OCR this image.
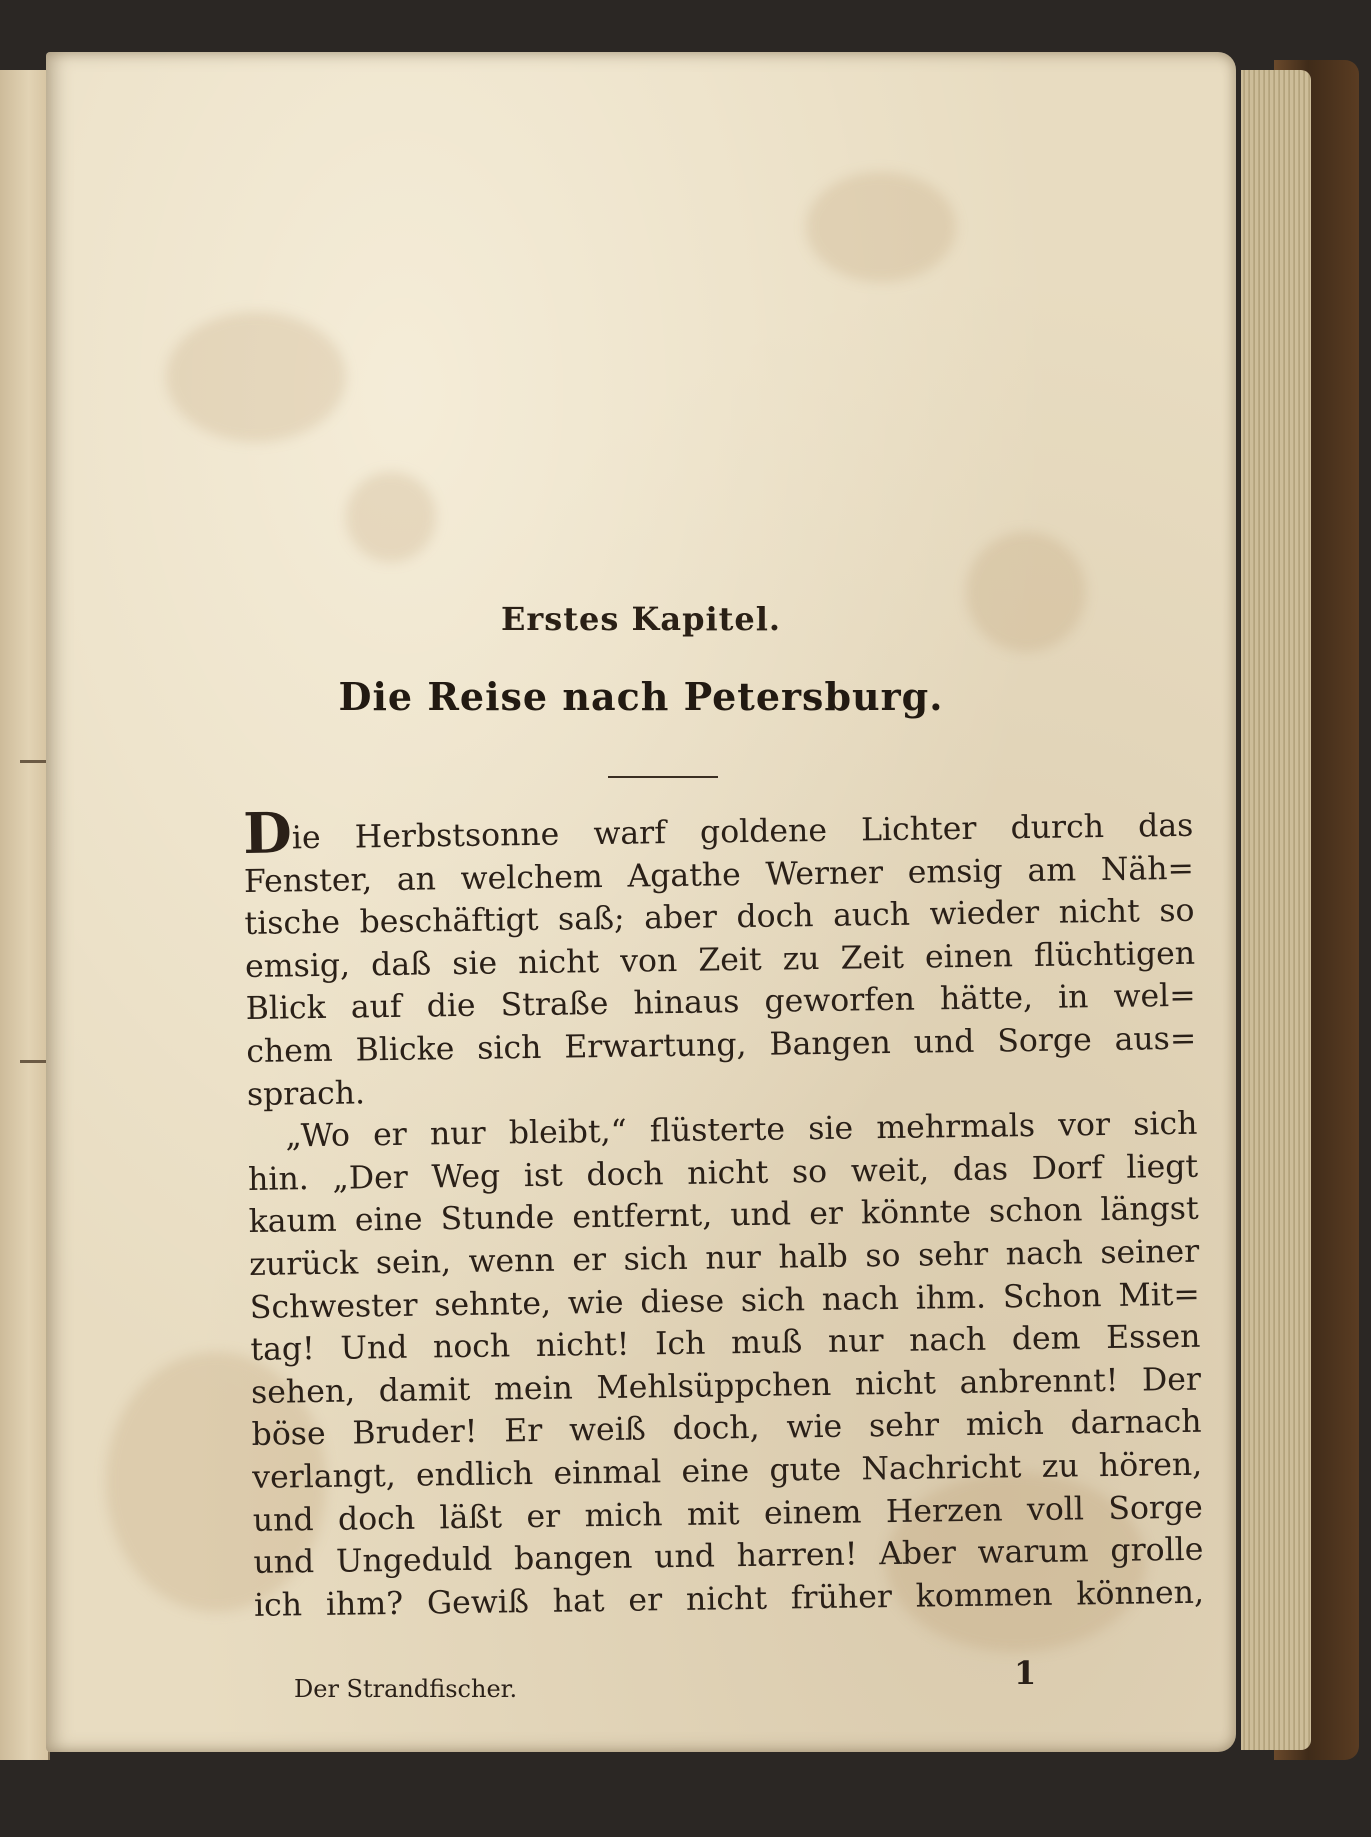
Erstes Kapitel.
Die Reise nach Petersburg.
Die Herbstsonne warf goldene Lichter durch das
Fenster, an welchem Agathe Werner emsig am Näh=
tische beschäftigt saß; aber doch auch wieder nicht so
emsig, daß sie nicht von Zeit zu Zeit einen flüchtigen
Blick auf die Straße hinaus geworfen hätte, in wel=
chem Blicke sich Erwartung, Bangen und Sorge aus=
sprach.
„Wo er nur bleibt,“ flüsterte sie mehrmals vor sich
hin. „Der Weg ist doch nicht so weit, das Dorf liegt
kaum eine Stunde entfernt, und er könnte schon längst
zurück sein, wenn er sich nur halb so sehr nach seiner
Schwester sehnte, wie diese sich nach ihm. Schon Mit=
tag! Und noch nicht! Ich muß nur nach dem Essen
sehen, damit mein Mehlsüppchen nicht anbrennt! Der
böse Bruder! Er weiß doch, wie sehr mich darnach
verlangt, endlich einmal eine gute Nachricht zu hören,
und doch läßt er mich mit einem Herzen voll Sorge
und Ungeduld bangen und harren! Aber warum grolle
ich ihm? Gewiß hat er nicht früher kommen können,
Der Strandfischer.	1
